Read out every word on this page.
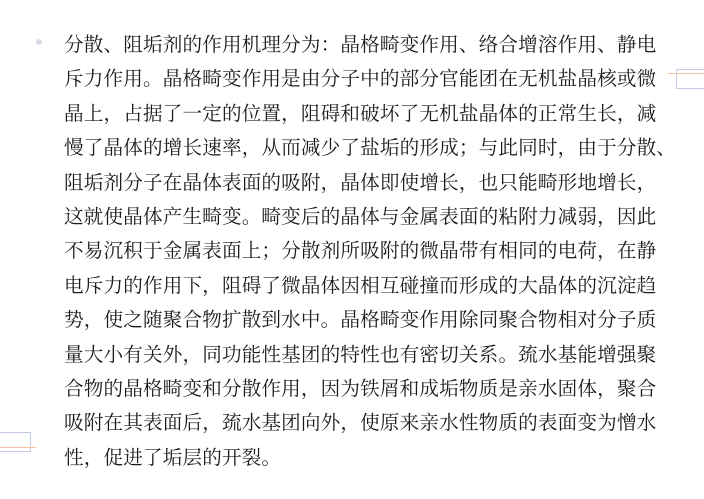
分散、阻垢剂的作用机理分为：晶格畸变作用、络合增溶作用、静电
斥力作用。晶格畸变作用是由分子中的部分官能团在无机盐晶核或微
晶上，占据了一定的位置，阻碍和破坏了无机盐晶体的正常生长，减
慢了晶体的增长速率，从而减少了盐垢的形成；与此同时，由于分散、
阻垢剂分子在晶体表面的吸附，晶体即使增长，也只能畸形地增长，
这就使晶体产生畸变。畸变后的晶体与金属表面的粘附力减弱，因此
不易沉积于金属表面上；分散剂所吸附的微晶带有相同的电荷，在静
电斥力的作用下，阻碍了微晶体因相互碰撞而形成的大晶体的沉淀趋
势，使之随聚合物扩散到水中。晶格畸变作用除同聚合物相对分子质
量大小有关外，同功能性基团的特性也有密切关系。巯水基能增强聚
合物的晶格畸变和分散作用，因为铁屑和成垢物质是亲水固体，聚合
吸附在其表面后，巯水基团向外，使原来亲水性物质的表面变为憎水
性，促进了垢层的开裂。
